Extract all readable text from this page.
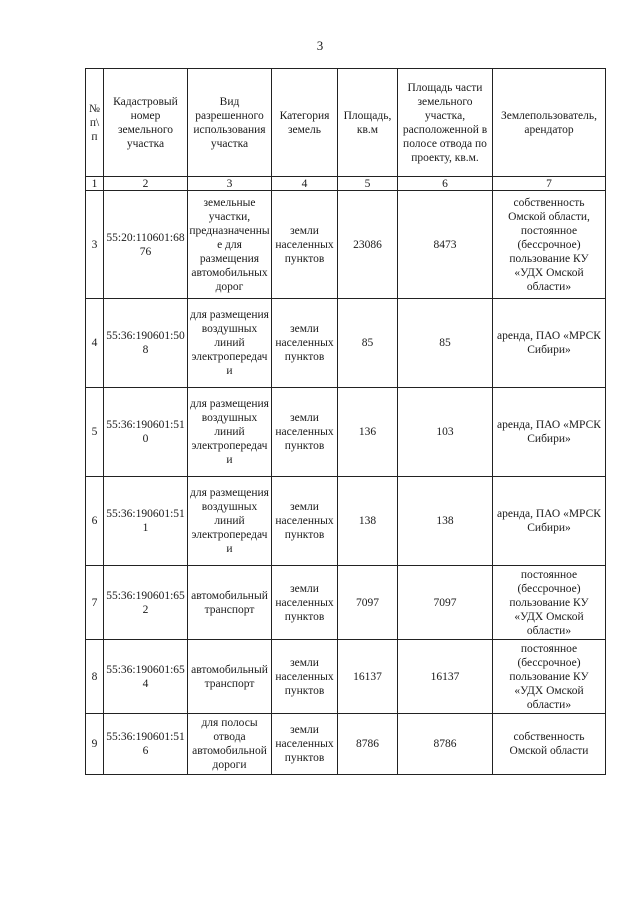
3
№ п\п	Кадастровый номер земельного участка	Вид разрешенного использования участка	Категория земель	Площадь, кв.м	Площадь части земельного участка, расположенной в полосе отвода по проекту, кв.м.	Землепользователь, арендатор
1	2	3	4	5	6	7
3	55:20:110601:6876	земельные участки, предназначенные для размещения автомобильных дорог	земли населенных пунктов	23086	8473	собственность Омской области, постоянное (бессрочное) пользование КУ «УДХ Омской области»
4	55:36:190601:508	для размещения воздушных линий электропередачи	земли населенных пунктов	85	85	аренда, ПАО «МРСК Сибири»
5	55:36:190601:510	для размещения воздушных линий электропередачи	земли населенных пунктов	136	103	аренда, ПАО «МРСК Сибири»
6	55:36:190601:511	для размещения воздушных линий электропередачи	земли населенных пунктов	138	138	аренда, ПАО «МРСК Сибири»
7	55:36:190601:652	автомобильный транспорт	земли населенных пунктов	7097	7097	постоянное (бессрочное) пользование КУ «УДХ Омской области»
8	55:36:190601:654	автомобильный транспорт	земли населенных пунктов	16137	16137	постоянное (бессрочное) пользование КУ «УДХ Омской области»
9	55:36:190601:516	для полосы отвода автомобильной дороги	земли населенных пунктов	8786	8786	собственность Омской области
